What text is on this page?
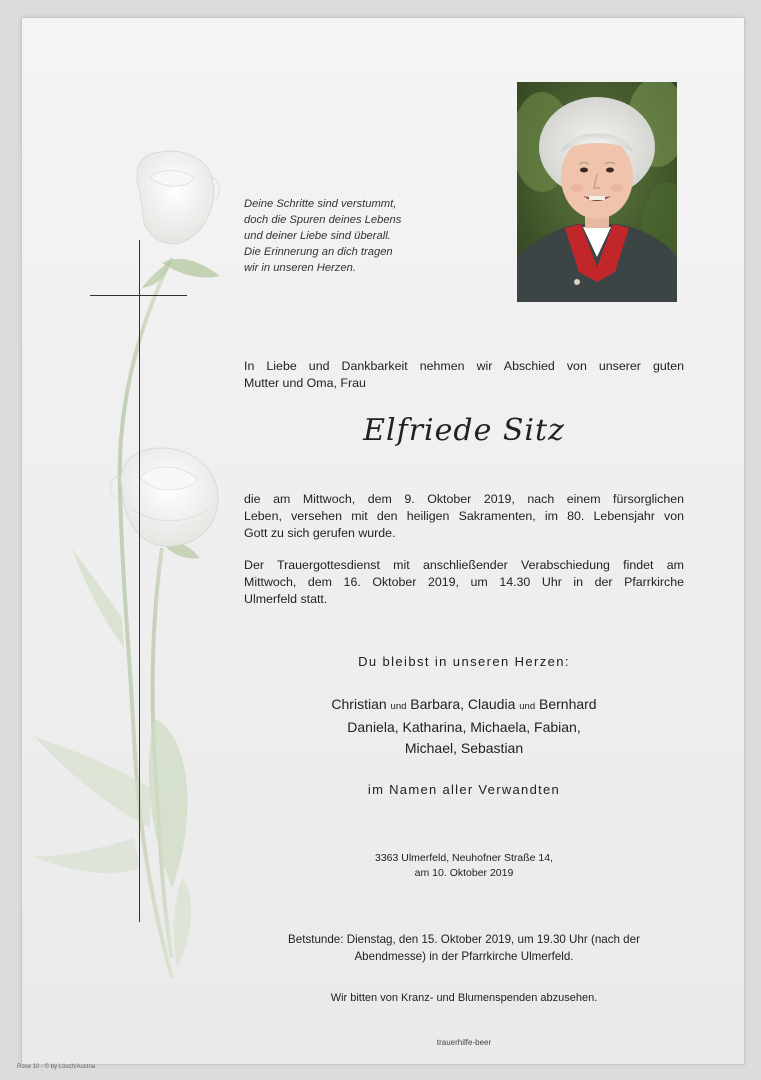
Deine Schritte sind verstummt,
doch die Spuren deines Lebens
und deiner Liebe sind überall.
Die Erinnerung an dich tragen
wir in unseren Herzen.
In Liebe und Dankbarkeit nehmen wir Abschied von unserer guten
Mutter und Oma, Frau
Elfriede Sitz
die am Mittwoch, dem 9. Oktober 2019, nach einem fürsorglichen
Leben, versehen mit den heiligen Sakramenten, im 80. Lebensjahr von
Gott zu sich gerufen wurde.
Der Trauergottesdienst mit anschließender Verabschiedung findet am
Mittwoch, dem 16. Oktober 2019, um 14.30 Uhr in der Pfarrkirche
Ulmerfeld statt.
Du bleibst in unseren Herzen:
Christian und Barbara, Claudia und Bernhard
Daniela, Katharina, Michaela, Fabian,
Michael, Sebastian
im Namen aller Verwandten
3363 Ulmerfeld, Neuhofner Straße 14,
am 10. Oktober 2019
Betstunde: Dienstag, den 15. Oktober 2019, um 19.30 Uhr (nach der
Abendmesse) in der Pfarrkirche Ulmerfeld.
Wir bitten von Kranz- und Blumenspenden abzusehen.
trauerhilfe-beer
Rose 10 - © by Lösch/Austria
